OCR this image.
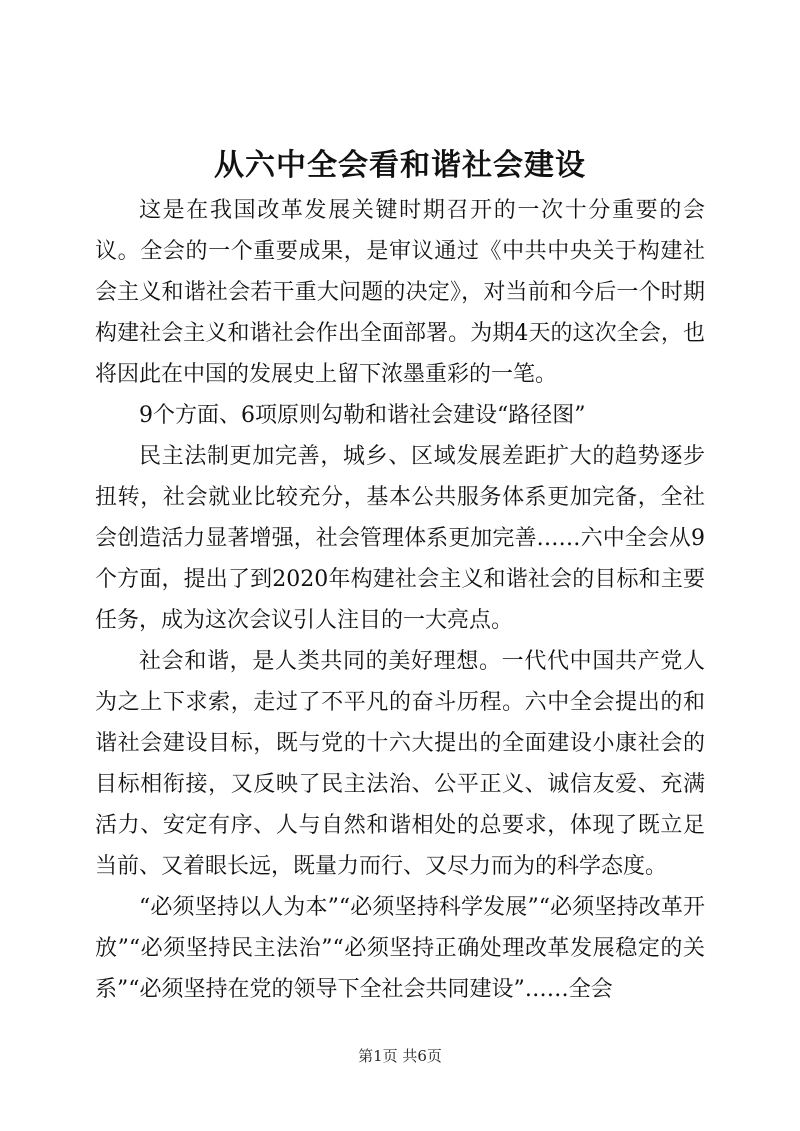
从六中全会看和谐社会建设

这是在我国改革发展关键时期召开的一次十分重要的会议。全会的一个重要成果，是审议通过《中共中央关于构建社会主义和谐社会若干重大问题的决定》，对当前和今后一个时期构建社会主义和谐社会作出全面部署。为期4天的这次全会，也将因此在中国的发展史上留下浓墨重彩的一笔。

9个方面、6项原则勾勒和谐社会建设“路径图”

民主法制更加完善，城乡、区域发展差距扩大的趋势逐步扭转，社会就业比较充分，基本公共服务体系更加完备，全社会创造活力显著增强，社会管理体系更加完善……六中全会从9个方面，提出了到2020年构建社会主义和谐社会的目标和主要任务，成为这次会议引人注目的一大亮点。

社会和谐，是人类共同的美好理想。一代代中国共产党人为之上下求索，走过了不平凡的奋斗历程。六中全会提出的和谐社会建设目标，既与党的十六大提出的全面建设小康社会的目标相衔接，又反映了民主法治、公平正义、诚信友爱、充满活力、安定有序、人与自然和谐相处的总要求，体现了既立足当前、又着眼长远，既量力而行、又尽力而为的科学态度。

“必须坚持以人为本”“必须坚持科学发展”“必须坚持改革开放”“必须坚持民主法治”“必须坚持正确处理改革发展稳定的关系”“必须坚持在党的领导下全社会共同建设”……全会

第1页 共6页
